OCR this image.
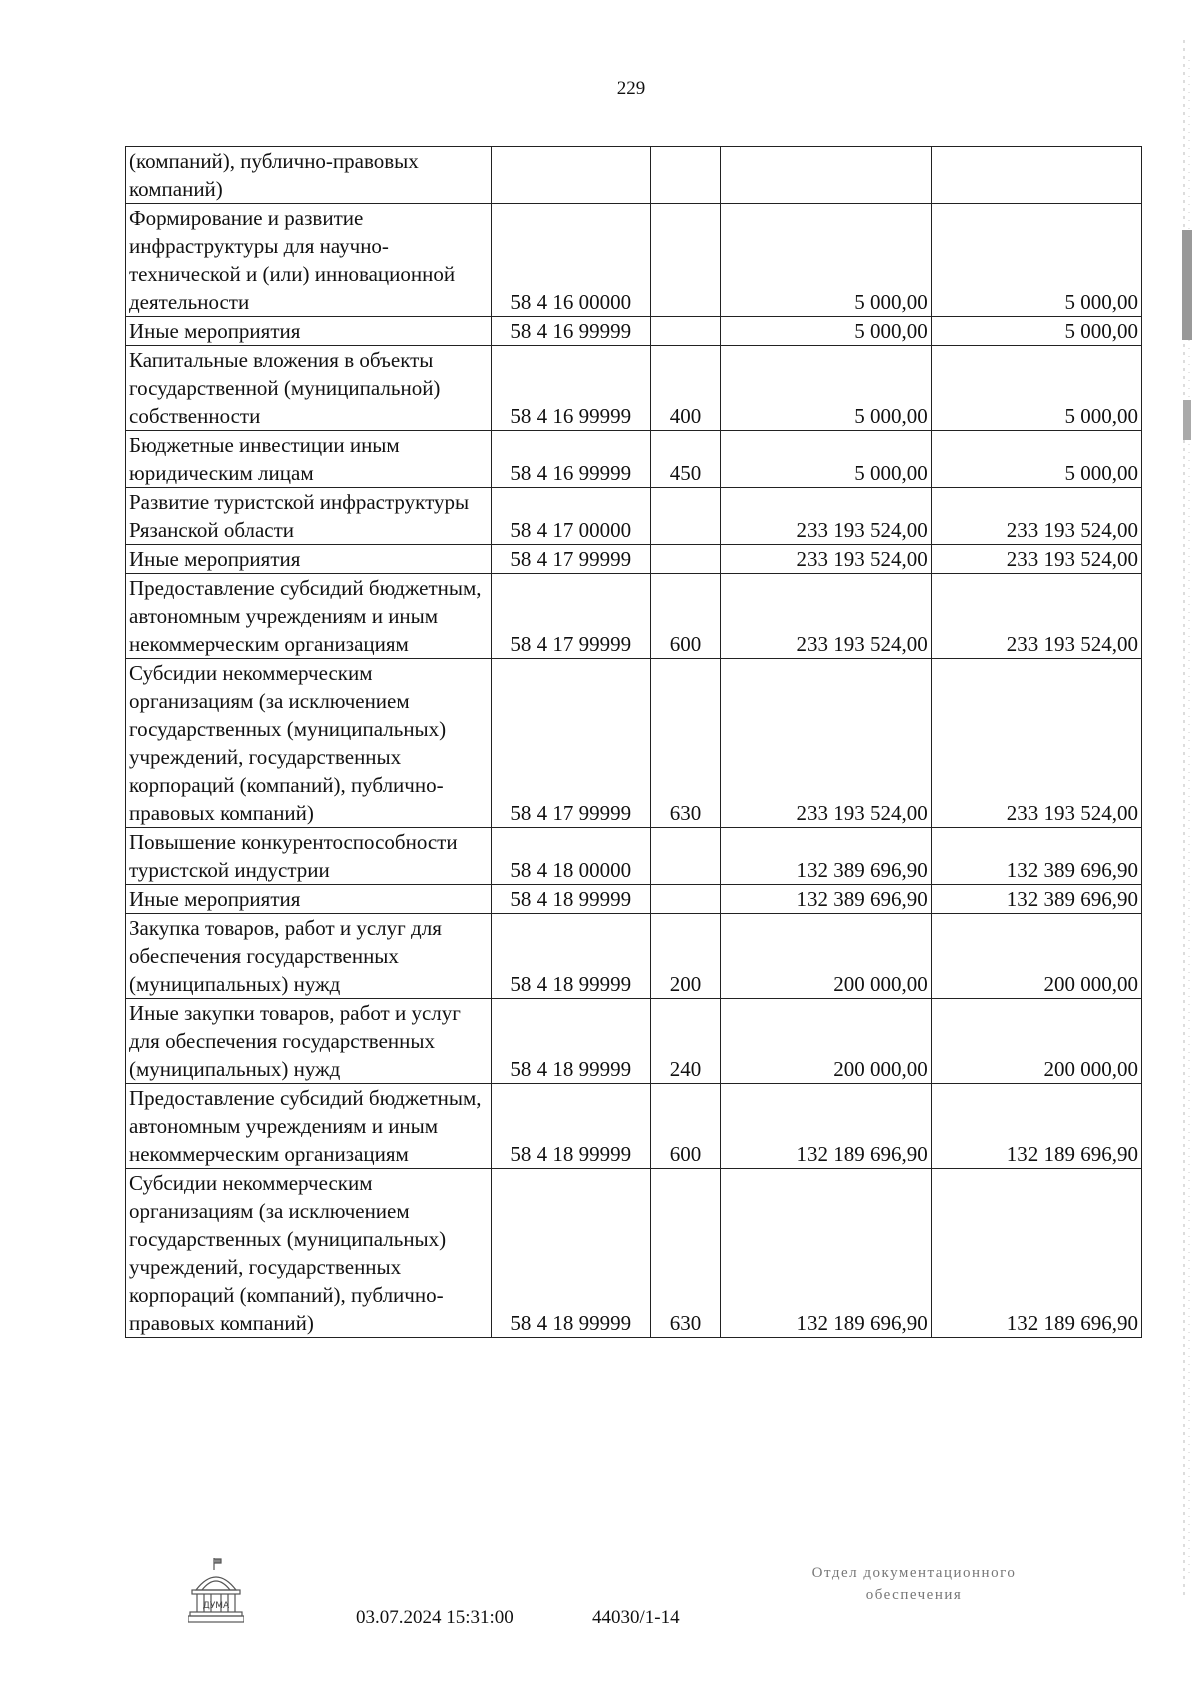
229
(компаний), публично-правовых компаний)				
Формирование и развитие инфраструктуры для научно-технической и (или) инновационной деятельности	58 4 16 00000		5 000,00	5 000,00
Иные мероприятия	58 4 16 99999		5 000,00	5 000,00
Капитальные вложения в объекты государственной (муниципальной) собственности	58 4 16 99999	400	5 000,00	5 000,00
Бюджетные инвестиции иным юридическим лицам	58 4 16 99999	450	5 000,00	5 000,00
Развитие туристской инфраструктуры Рязанской области	58 4 17 00000		233 193 524,00	233 193 524,00
Иные мероприятия	58 4 17 99999		233 193 524,00	233 193 524,00
Предоставление субсидий бюджетным, автономным учреждениям и иным некоммерческим организациям	58 4 17 99999	600	233 193 524,00	233 193 524,00
Субсидии некоммерческим организациям (за исключением государственных (муниципальных) учреждений, государственных корпораций (компаний), публично-правовых компаний)	58 4 17 99999	630	233 193 524,00	233 193 524,00
Повышение конкурентоспособности туристской индустрии	58 4 18 00000		132 389 696,90	132 389 696,90
Иные мероприятия	58 4 18 99999		132 389 696,90	132 389 696,90
Закупка товаров, работ и услуг для обеспечения государственных (муниципальных) нужд	58 4 18 99999	200	200 000,00	200 000,00
Иные закупки товаров, работ и услуг для обеспечения государственных (муниципальных) нужд	58 4 18 99999	240	200 000,00	200 000,00
Предоставление субсидий бюджетным, автономным учреждениям и иным некоммерческим организациям	58 4 18 99999	600	132 189 696,90	132 189 696,90
Субсидии некоммерческим организациям (за исключением государственных (муниципальных) учреждений, государственных корпораций (компаний), публично-правовых компаний)	58 4 18 99999	630	132 189 696,90	132 189 696,90
ДУМА
03.07.2024 15:31:00	44030/1-14
Отдел документационного
обеспечения
